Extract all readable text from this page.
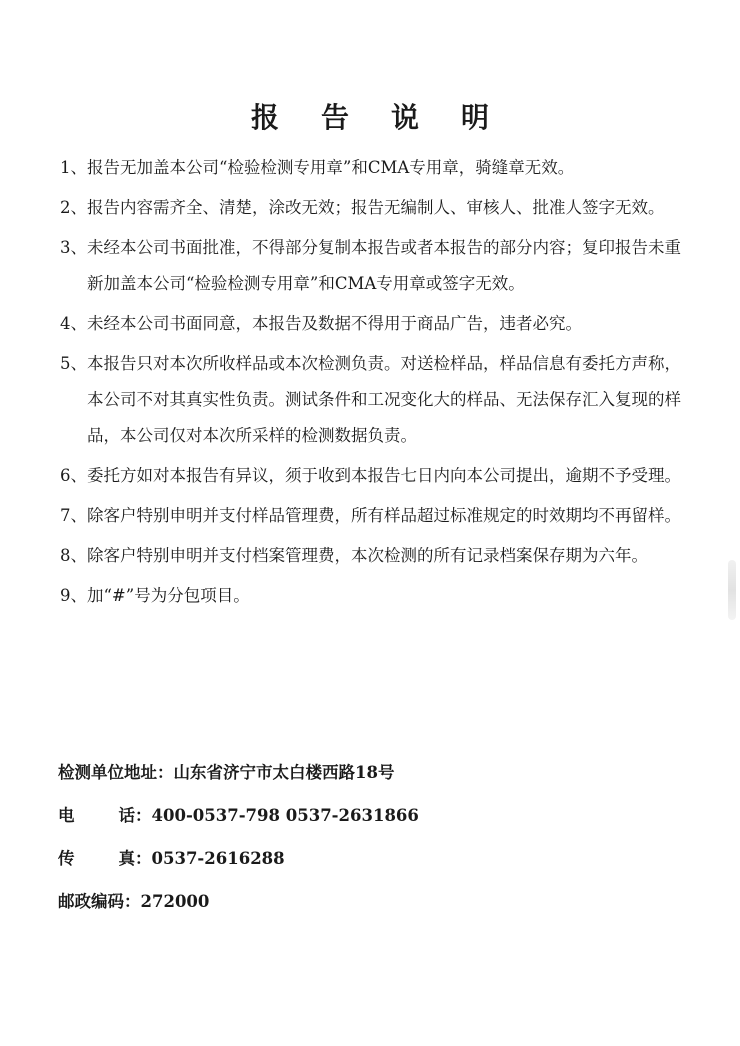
报告说明
1、 报告无加盖本公司“检验检测专用章”和CMA专用章，骑缝章无效。
2、 报告内容需齐全、清楚，涂改无效；报告无编制人、审核人、批准人签字无效。
3、 未经本公司书面批准，不得部分复制本报告或者本报告的部分内容；复印报告未重新加盖本公司“检验检测专用章”和CMA专用章或签字无效。
4、 未经本公司书面同意，本报告及数据不得用于商品广告，违者必究。
5、 本报告只对本次所收样品或本次检测负责。对送检样品，样品信息有委托方声称，本公司不对其真实性负责。测试条件和工况变化大的样品、无法保存汇入复现的样品，本公司仅对本次所采样的检测数据负责。
6、 委托方如对本报告有异议，须于收到本报告七日内向本公司提出，逾期不予受理。
7、 除客户特别申明并支付样品管理费，所有样品超过标准规定的时效期均不再留样。
8、 除客户特别申明并支付档案管理费，本次检测的所有记录档案保存期为六年。
9、 加“#”号为分包项目。
检测单位地址：山东省济宁市太白楼西路18号
电	话：400-0537-798 0537-2631866
传	真：0537-2616288
邮政编码：272000
